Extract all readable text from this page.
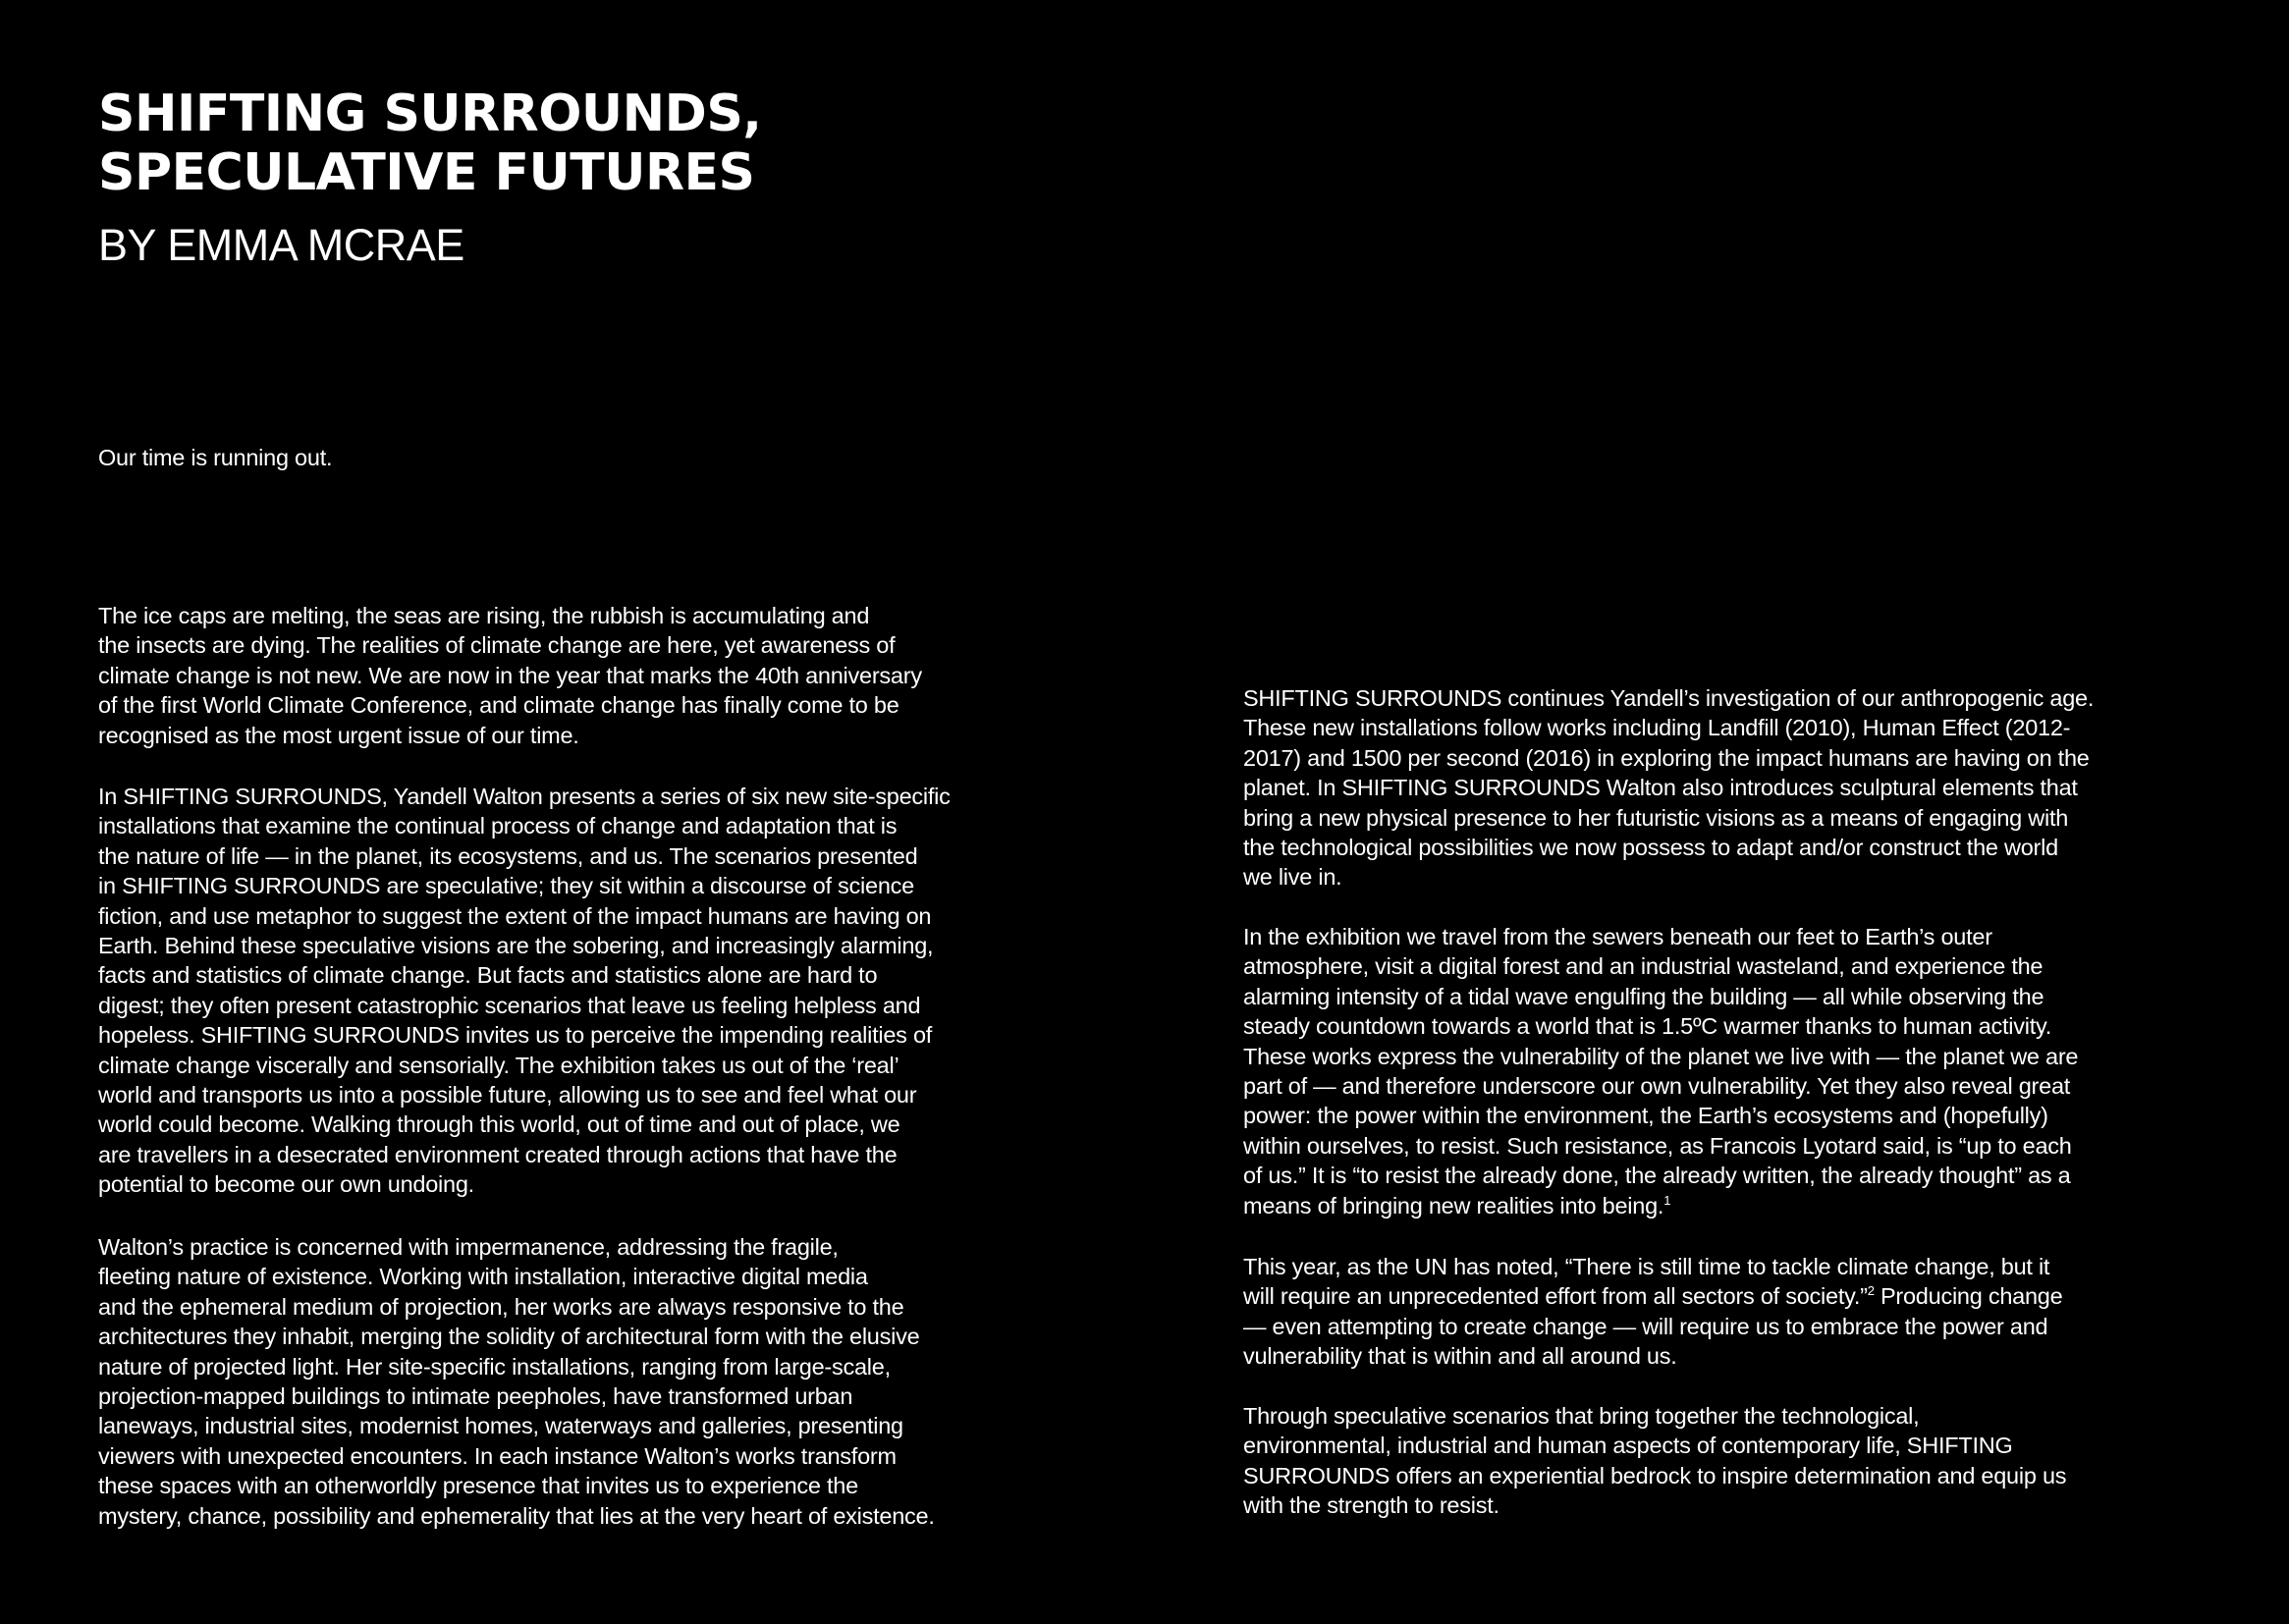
SHIFTING SURROUNDS,
SPECULATIVE FUTURES
BY EMMA MCRAE

Our time is running out.

The ice caps are melting, the seas are rising, the rubbish is accumulating and
the insects are dying. The realities of climate change are here, yet awareness of
climate change is not new. We are now in the year that marks the 40th anniversary
of the first World Climate Conference, and climate change has finally come to be
recognised as the most urgent issue of our time.
In SHIFTING SURROUNDS, Yandell Walton presents a series of six new site-specific
installations that examine the continual process of change and adaptation that is
the nature of life — in the planet, its ecosystems, and us. The scenarios presented
in SHIFTING SURROUNDS are speculative; they sit within a discourse of science
fiction, and use metaphor to suggest the extent of the impact humans are having on
Earth. Behind these speculative visions are the sobering, and increasingly alarming,
facts and statistics of climate change. But facts and statistics alone are hard to
digest; they often present catastrophic scenarios that leave us feeling helpless and
hopeless. SHIFTING SURROUNDS invites us to perceive the impending realities of
climate change viscerally and sensorially. The exhibition takes us out of the ‘real’
world and transports us into a possible future, allowing us to see and feel what our
world could become. Walking through this world, out of time and out of place, we
are travellers in a desecrated environment created through actions that have the
potential to become our own undoing.
Walton’s practice is concerned with impermanence, addressing the fragile,
fleeting nature of existence. Working with installation, interactive digital media
and the ephemeral medium of projection, her works are always responsive to the
architectures they inhabit, merging the solidity of architectural form with the elusive
nature of projected light. Her site-specific installations, ranging from large-scale,
projection-mapped buildings to intimate peepholes, have transformed urban
laneways, industrial sites, modernist homes, waterways and galleries, presenting
viewers with unexpected encounters. In each instance Walton’s works transform
these spaces with an otherworldly presence that invites us to experience the
mystery, chance, possibility and ephemerality that lies at the very heart of existence.
SHIFTING SURROUNDS continues Yandell’s investigation of our anthropogenic age.
These new installations follow works including Landfill (2010), Human Effect (2012-
2017) and 1500 per second (2016) in exploring the impact humans are having on the
planet. In SHIFTING SURROUNDS Walton also introduces sculptural elements that
bring a new physical presence to her futuristic visions as a means of engaging with
the technological possibilities we now possess to adapt and/or construct the world
we live in.
In the exhibition we travel from the sewers beneath our feet to Earth’s outer
atmosphere, visit a digital forest and an industrial wasteland, and experience the
alarming intensity of a tidal wave engulfing the building — all while observing the
steady countdown towards a world that is 1.5ºC warmer thanks to human activity.
These works express the vulnerability of the planet we live with — the planet we are
part of — and therefore underscore our own vulnerability. Yet they also reveal great
power: the power within the environment, the Earth’s ecosystems and (hopefully)
within ourselves, to resist. Such resistance, as Francois Lyotard said, is “up to each
of us.” It is “to resist the already done, the already written, the already thought” as a
means of bringing new realities into being.$^1$
This year, as the UN has noted, “There is still time to tackle climate change, but it
will require an unprecedented effort from all sectors of society.”$^2$ Producing change
— even attempting to create change — will require us to embrace the power and
vulnerability that is within and all around us.
Through speculative scenarios that bring together the technological,
environmental, industrial and human aspects of contemporary life, SHIFTING
SURROUNDS offers an experiential bedrock to inspire determination and equip us
with the strength to resist.
